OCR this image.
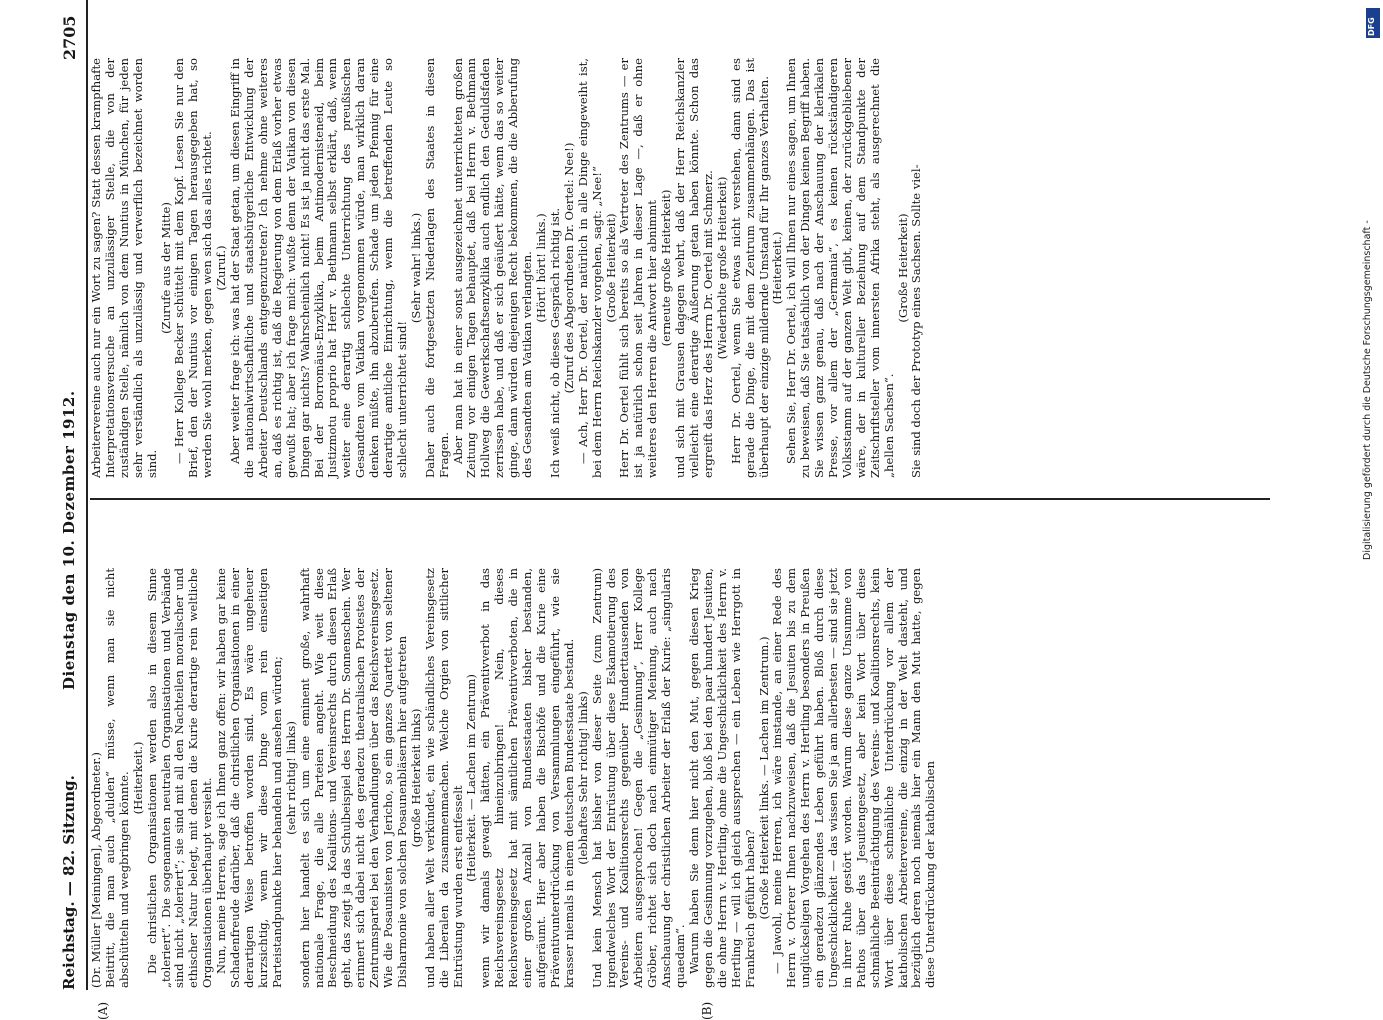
Reichstag. — 82. Sitzung.
Dienstag den 10. Dezember 1912.
2705

(Dr. Müller [Meiningen], Abgeordneter.) Beitritt, die man auch „dulden“ müsse, wenn man sie nicht abschütteln und wegbringen könnte. (Heiterkeit.) Die christlichen Organisationen werden also in diesem Sinne „toleriert“. Die sogenannten neutralen Organisationen und Verbände sind nicht „toleriert“; sie sind mit all den Nachteilen moralischer und ethischer Natur belegt, mit denen die Kurie derartige rein weltliche Organisationen überhaupt versieht. Nun, meine Herren, sage ich Ihnen ganz offen: wir haben gar keine Schadenfreude darüber, daß die christlichen Organisationen in einer derartigen Weise betroffen worden sind. Es wäre ungeheuer kurzsichtig, wenn wir diese Dinge vom rein einseitigen Parteistandpunkte hier behandeln und ansehen würden; (sehr richtig! links) sondern hier handelt es sich um eine eminent große, wahrhaft nationale Frage, die alle Parteien angeht. Wie weit diese Beschneidung des Koalitions- und Vereinsrechts durch diesen Erlaß geht, das zeigt ja das Schulbeispiel des Herrn Dr. Sonnenschein. Wer erinnert sich dabei nicht des geradezu theatralischen Protestes der Zentrumspartei bei den Verhandlungen über das Reichsvereinsgesetz. Wie die Posaunisten von Jericho, so ein ganzes Quartett von seltener Disharmonie von solchen Posaunenbläsern hier aufgetreten (große Heiterkeit links) und haben aller Welt verkündet, ein wie schändliches Vereinsgesetz die Liberalen da zusammenmachen. Welche Orgien von sittlicher Entrüstung wurden erst entfesselt

(Heiterkeit. — Lachen im Zentrum) wenn wir damals gewagt hätten, ein Präventivverbot in das Reichsvereinsgesetz hineinzubringen! Nein, dieses Reichsvereinsgesetz hat mit sämtlichen Präventivverboten, die in einer großen Anzahl von Bundesstaaten bisher bestanden, aufgeräumt. Hier aber haben die Bischöfe und die Kurie eine Präventivunterdrückung von Versammlungen eingeführt, wie sie krasser niemals in einem deutschen Bundesstaate bestand. (lebhaftes Sehr richtig! links) Und kein Mensch hat bisher von dieser Seite (zum Zentrum) irgendwelches Wort der Entrüstung über diese Eskamotierung des Vereins- und Koalitionsrechts gegenüber Hunderttausenden von Arbeitern ausgesprochen! Gegen die „Gesinnung“, Herr Kollege Gröber, richtet sich doch nach einmütiger Meinung, auch nach Anschauung der christlichen Arbeiter der Erlaß der Kurie: „singularis quaedam“. Warum haben Sie denn hier nicht den Mut, gegen diesen Krieg gegen die Gesinnung vorzugehen, bloß bei den paar hundert Jesuiten, die ohne Herrn v. Hertling, ohne die Ungeschicklichkeit des Herrn v. Hertling — will ich gleich aussprechen — ein Leben wie Herrgott in Frankreich geführt haben? (Große Heiterkeit links. — Lachen im Zentrum.) — Jawohl, meine Herren, ich wäre imstande, an einer Rede des Herrn v. Orterer Ihnen nachzuweisen, daß die Jesuiten bis zu dem unglückseligen Vorgehen des Herrn v. Hertling besonders in Preußen ein geradezu glänzendes Leben geführt haben. Bloß durch diese Ungeschicklichkeit — das wissen Sie ja am allerbesten — sind sie jetzt in ihrer Ruhe gestört worden. Warum diese ganze Unsumme von Pathos über das Jesuitengesetz, aber kein Wort über diese schmähliche Beeinträchtigung des Vereins- und Koalitionsrechts, kein Wort über diese schmähliche Unterdrückung vor allem der katholischen Arbeitervereine, die einzig in der Welt dasteht, und bezüglich deren noch niemals hier ein Mann den Mut hatte, gegen diese Unterdrückung der katholischen

Arbeitervereine auch nur ein Wort zu sagen? Statt dessen krampfhafte Interpretationsversuche an unzulässiger Stelle, die von der zuständigen Stelle, nämlich von dem Nuntius in München, für jeden sehr verständlich als unzulässig und verwerflich bezeichnet worden sind.

(Zurufe aus der Mitte) — Herr Kollege Becker schüttelt mit dem Kopf. Lesen Sie nur den Brief, den der Nuntius vor einigen Tagen herausgegeben hat, so werden Sie wohl merken, gegen wen sich das alles richtet. (Zuruf.) Aber weiter frage ich: was hat der Staat getan, um diesen Eingriff in die nationalwirtschaftliche und staatsbürgerliche Entwicklung der Arbeiter Deutschlands entgegenzutreten? Ich nehme ohne weiteres an, daß es richtig ist, daß die Regierung von dem Erlaß vorher etwas gewußt hat; aber ich frage mich: wußte denn der Vatikan von diesen Dingen gar nichts? Wahrscheinlich nicht! Es ist ja nicht das erste Mal. Bei der Borromäus-Enzyklika, beim Antimodernisteneid, beim Justizmotu proprio hat Herr v. Bethmann selbst erklärt, daß, wenn weiter eine derartig schlechte Unterrichtung des preußischen Gesandten vom Vatikan vorgenommen würde, man wirklich daran denken müßte, ihn abzuberufen. Schade um jeden Pfennig für eine derartige amtliche Einrichtung, wenn die betreffenden Leute so schlecht unterrichtet sind!

(Sehr wahr! links.) Daher auch die fortgesetzten Niederlagen des Staates in diesen Fragen. Aber man hat in einer sonst ausgezeichnet unterrichteten großen Zeitung vor einigen Tagen behauptet, daß bei Herrn v. Bethmann Hollweg die Gewerkschaftsenzyklika auch endlich den Geduldsfaden zerrissen habe, und daß er sich geäußert hätte, wenn das so weiter ginge, dann würden diejenigen Recht bekommen, die die Abberufung des Gesandten am Vatikan verlangten. (Hört! hört! links.) Ich weiß nicht, ob dieses Gespräch richtig ist. (Zuruf des Abgeordneten Dr. Oertel: Nee!) — Ach, Herr Dr. Oertel, der natürlich in alle Dinge eingeweiht ist, bei dem Herrn Reichskanzler vorgehen, sagt: „Nee!“ (Große Heiterkeit) Herr Dr. Oertel fühlt sich bereits so als Vertreter des Zentrums — er ist ja natürlich schon seit Jahren in dieser Lage —, daß er ohne weiteres den Herren die Antwort hier abnimmt (erneute große Heiterkeit) und sich mit Grausen dagegen wehrt, daß der Herr Reichskanzler vielleicht eine derartige Äußerung getan haben könnte. Schon das ergreift das Herz des Herrn Dr. Oertel mit Schmerz. (Wiederholte große Heiterkeit) Herr Dr. Oertel, wenn Sie etwas nicht verstehen, dann sind es gerade die Dinge, die mit dem Zentrum zusammenhängen. Das ist überhaupt der einzige mildernde Umstand für Ihr ganzes Verhalten. (Heiterkeit.) Sehen Sie, Herr Dr. Oertel, ich will Ihnen nur eines sagen, um Ihnen zu beweisen, daß Sie tatsächlich von der Dingen keinen Begriff haben. Sie wissen ganz genau, daß nach der Anschauung der klerikalen Presse, vor allem der „Germania“, es keinen rückständigeren Volksstamm auf der ganzen Welt gibt, keinen, der zurückgebliebener wäre, der in kultureller Beziehung auf dem Standpunkte der Zeitschriftsteller vom innersten Afrika steht, als ausgerechnet die „hellen Sachsen“.

(Große Heiterkeit) Sie sind doch der Prototyp eines Sachsen. Sollte viel-

(A)	(B)
DFG
Digitalisierung gefördert durch die Deutsche Forschungsgemeinschaft -
